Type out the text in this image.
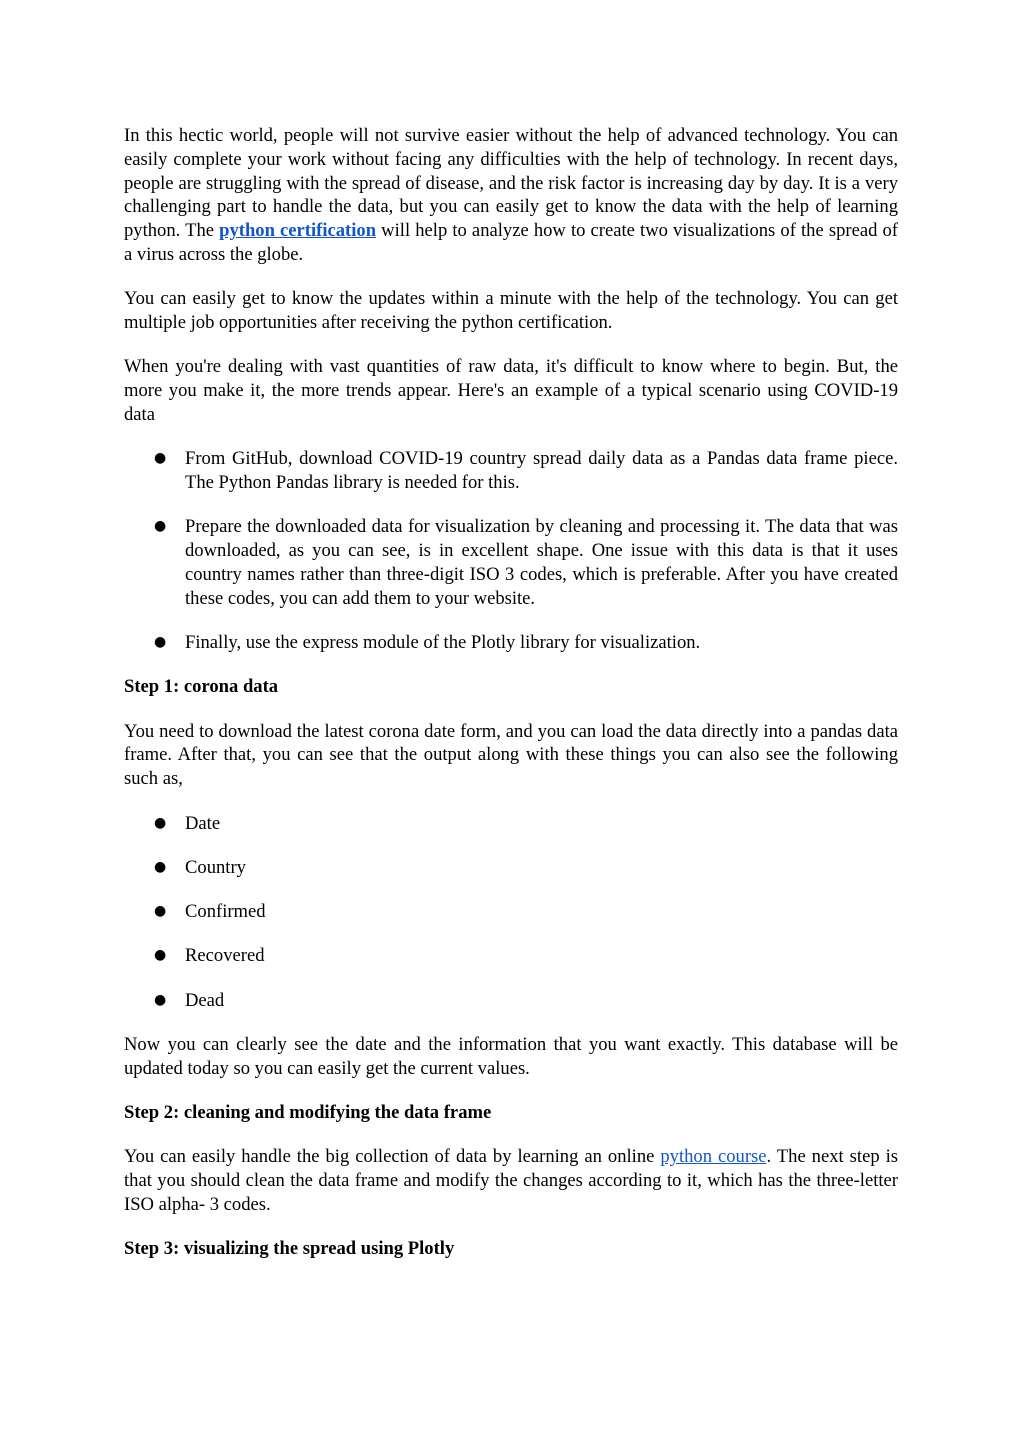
In this hectic world, people will not survive easier without the help of advanced technology. You can easily complete your work without facing any difficulties with the help of technology. In recent days, people are struggling with the spread of disease, and the risk factor is increasing day by day. It is a very challenging part to handle the data, but you can easily get to know the data with the help of learning python. The python certification will help to analyze how to create two visualizations of the spread of a virus across the globe.

You can easily get to know the updates within a minute with the help of the technology. You can get multiple job opportunities after receiving the python certification.

When you're dealing with vast quantities of raw data, it's difficult to know where to begin. But, the more you make it, the more trends appear. Here's an example of a typical scenario using COVID-19 data

● From GitHub, download COVID-19 country spread daily data as a Pandas data frame piece. The Python Pandas library is needed for this.
● Prepare the downloaded data for visualization by cleaning and processing it. The data that was downloaded, as you can see, is in excellent shape. One issue with this data is that it uses country names rather than three-digit ISO 3 codes, which is preferable. After you have created these codes, you can add them to your website.
● Finally, use the express module of the Plotly library for visualization.

Step 1: corona data

You need to download the latest corona date form, and you can load the data directly into a pandas data frame. After that, you can see that the output along with these things you can also see the following such as,

● Date
● Country
● Confirmed
● Recovered
● Dead

Now you can clearly see the date and the information that you want exactly. This database will be updated today so you can easily get the current values.

Step 2: cleaning and modifying the data frame

You can easily handle the big collection of data by learning an online python course. The next step is that you should clean the data frame and modify the changes according to it, which has the three-letter ISO alpha- 3 codes.

Step 3: visualizing the spread using Plotly
